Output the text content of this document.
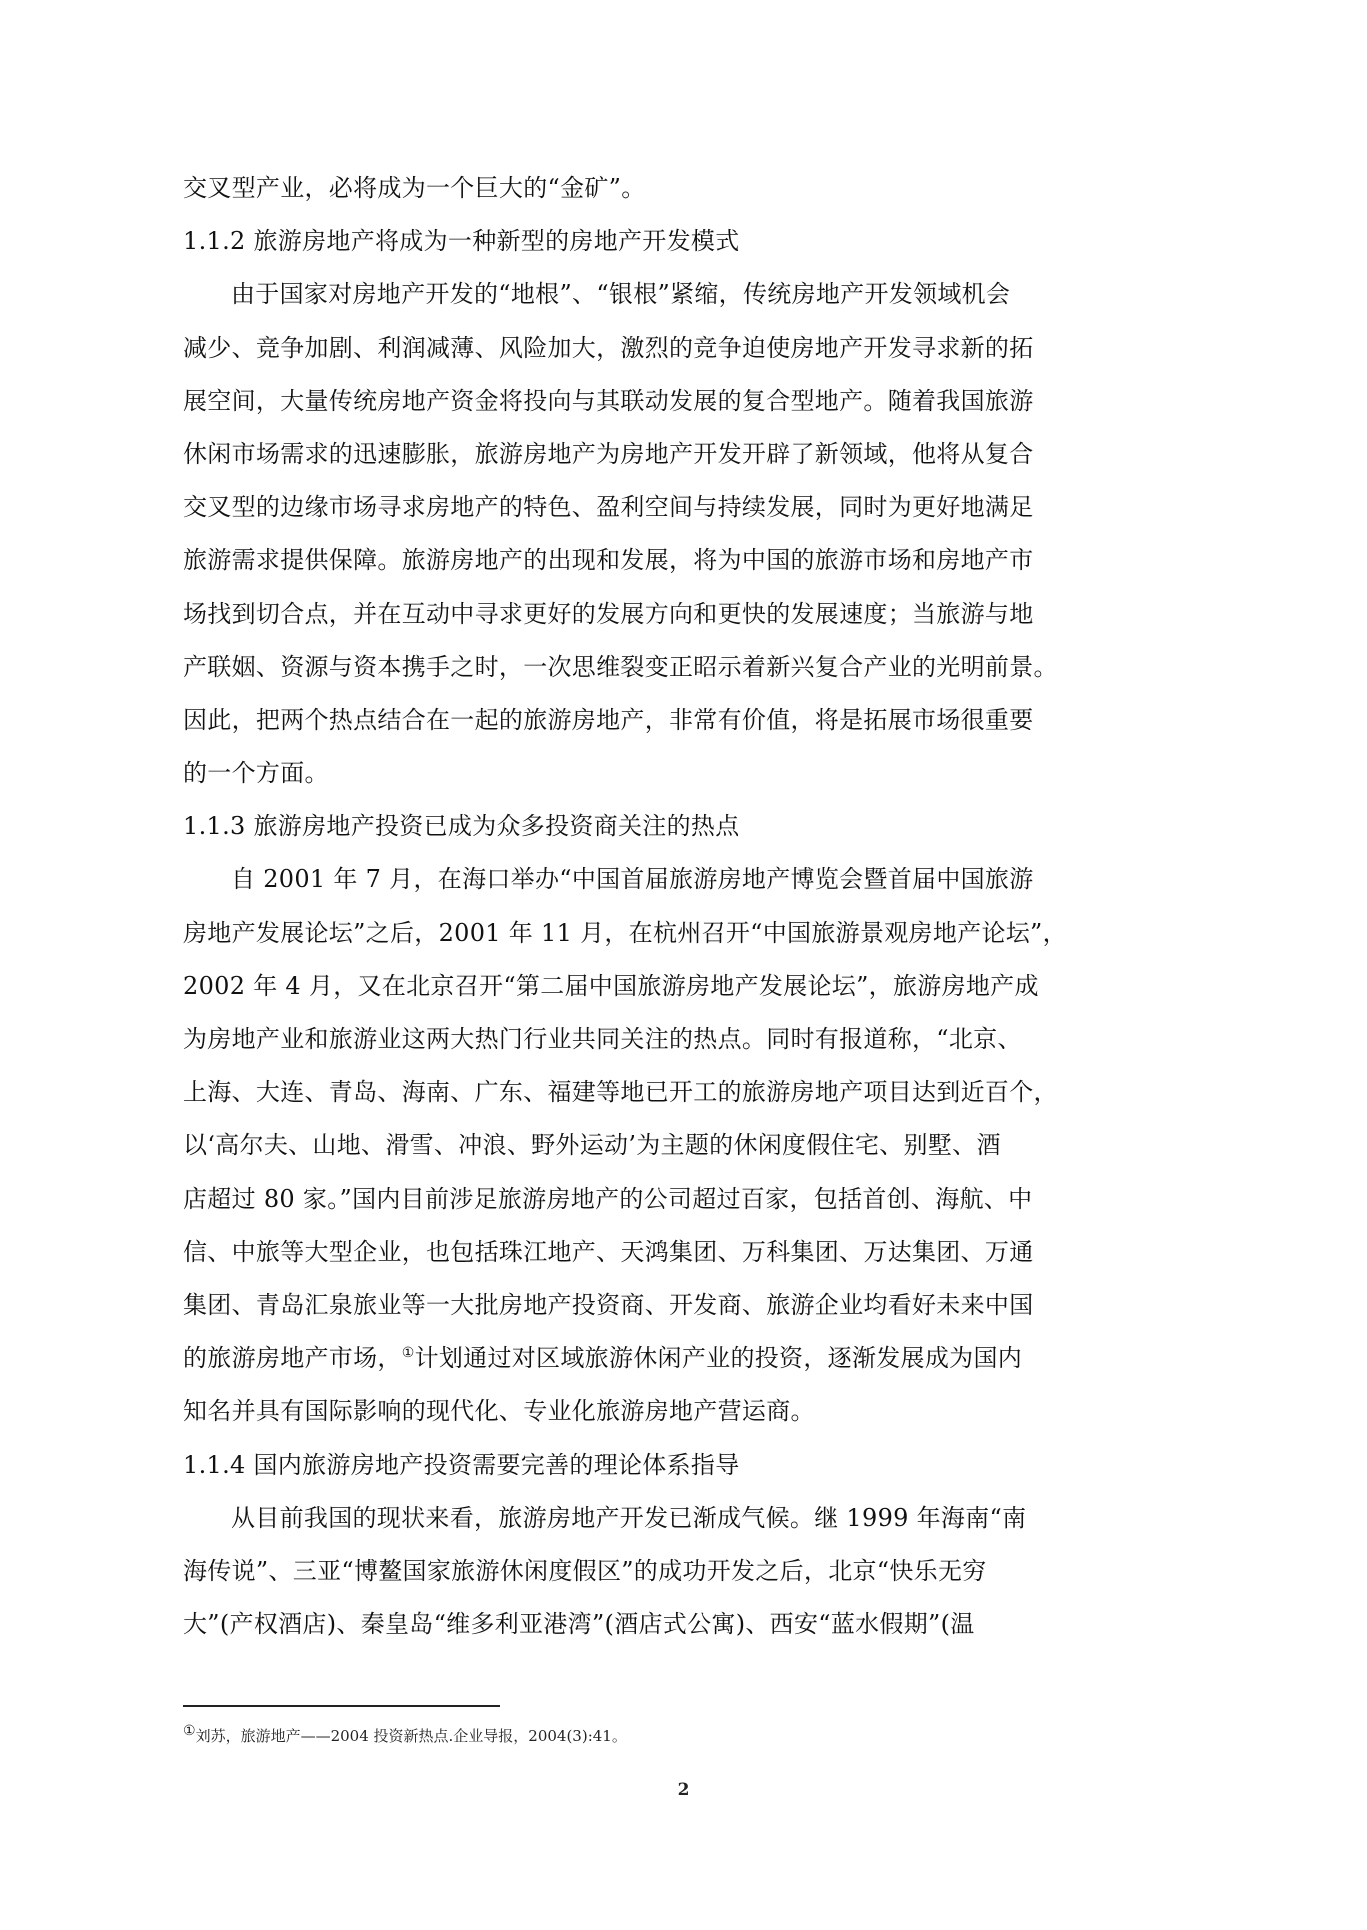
交叉型产业，必将成为一个巨大的“金矿”。
1.1.2 旅游房地产将成为一种新型的房地产开发模式
由于国家对房地产开发的“地根”、“银根”紧缩，传统房地产开发领域机会
减少、竞争加剧、利润减薄、风险加大，激烈的竞争迫使房地产开发寻求新的拓
展空间，大量传统房地产资金将投向与其联动发展的复合型地产。随着我国旅游
休闲市场需求的迅速膨胀，旅游房地产为房地产开发开辟了新领域，他将从复合
交叉型的边缘市场寻求房地产的特色、盈利空间与持续发展，同时为更好地满足
旅游需求提供保障。旅游房地产的出现和发展，将为中国的旅游市场和房地产市
场找到切合点，并在互动中寻求更好的发展方向和更快的发展速度；当旅游与地
产联姻、资源与资本携手之时，一次思维裂变正昭示着新兴复合产业的光明前景。
因此，把两个热点结合在一起的旅游房地产，非常有价值，将是拓展市场很重要
的一个方面。
1.1.3 旅游房地产投资已成为众多投资商关注的热点
自 2001 年 7 月，在海口举办“中国首届旅游房地产博览会暨首届中国旅游
房地产发展论坛”之后，2001 年 11 月，在杭州召开“中国旅游景观房地产论坛”，
2002 年 4 月，又在北京召开“第二届中国旅游房地产发展论坛”，旅游房地产成
为房地产业和旅游业这两大热门行业共同关注的热点。同时有报道称，“北京、
上海、大连、青岛、海南、广东、福建等地已开工的旅游房地产项目达到近百个，
以‘高尔夫、山地、滑雪、冲浪、野外运动’为主题的休闲度假住宅、别墅、酒
店超过 80 家。”国内目前涉足旅游房地产的公司超过百家，包括首创、海航、中
信、中旅等大型企业，也包括珠江地产、天鸿集团、万科集团、万达集团、万通
集团、青岛汇泉旅业等一大批房地产投资商、开发商、旅游企业均看好未来中国
的旅游房地产市场，①计划通过对区域旅游休闲产业的投资，逐渐发展成为国内
知名并具有国际影响的现代化、专业化旅游房地产营运商。
1.1.4 国内旅游房地产投资需要完善的理论体系指导
从目前我国的现状来看，旅游房地产开发已渐成气候。继 1999 年海南“南
海传说”、三亚“博鳌国家旅游休闲度假区”的成功开发之后，北京“快乐无穷
大”(产权酒店)、秦皇岛“维多利亚港湾”(酒店式公寓)、西安“蓝水假期”(温
①刘苏，旅游地产——2004 投资新热点.企业导报，2004(3):41。
2
